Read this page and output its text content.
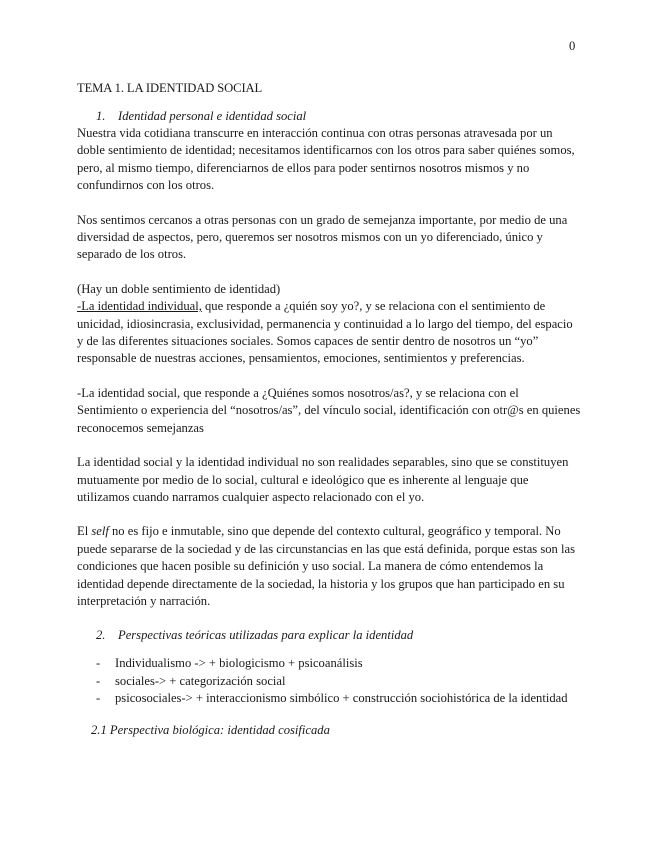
0
TEMA 1. LA IDENTIDAD SOCIAL
1. Identidad personal e identidad social

Nuestra vida cotidiana transcurre en interacción continua con otras personas atravesada por un doble sentimiento de identidad; necesitamos identificarnos con los otros para saber quiénes somos, pero, al mismo tiempo, diferenciarnos de ellos para poder sentirnos nosotros mismos y no confundirnos con los otros.

Nos sentimos cercanos a otras personas con un grado de semejanza importante, por medio de una diversidad de aspectos, pero, queremos ser nosotros mismos con un yo diferenciado, único y separado de los otros.

(Hay un doble sentimiento de identidad)

-La identidad individual, que responde a ¿quién soy yo?, y se relaciona con el sentimiento de unicidad, idiosincrasia, exclusividad, permanencia y continuidad a lo largo del tiempo, del espacio y de las diferentes situaciones sociales. Somos capaces de sentir dentro de nosotros un “yo” responsable de nuestras acciones, pensamientos, emociones, sentimientos y preferencias.

-La identidad social, que responde a ¿Quiénes somos nosotros/as?, y se relaciona con el Sentimiento o experiencia del “nosotros/as”, del vínculo social, identificación con otr@s en quienes reconocemos semejanzas

La identidad social y la identidad individual no son realidades separables, sino que se constituyen mutuamente por medio de lo social, cultural e ideológico que es inherente al lenguaje que utilizamos cuando narramos cualquier aspecto relacionado con el yo.

El self no es fijo e inmutable, sino que depende del contexto cultural, geográfico y temporal. No puede separarse de la sociedad y de las circunstancias en las que está definida, porque estas son las condiciones que hacen posible su definición y uso social. La manera de cómo entendemos la identidad depende directamente de la sociedad, la historia y los grupos que han participado en su interpretación y narración.

2. Perspectivas teóricas utilizadas para explicar la identidad
-	Individualismo -> + biologicismo + psicoanálisis
-	sociales-> + categorización social
-	psicosociales-> + interaccionismo simbólico + construcción sociohistórica de la identidad
2.1 Perspectiva biológica: identidad cosificada
